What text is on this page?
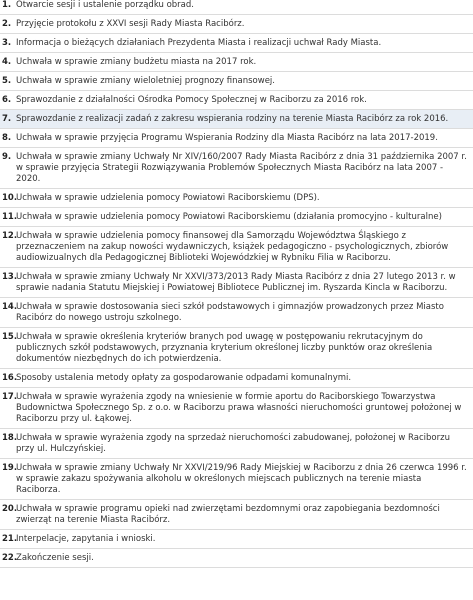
1. Otwarcie sesji i ustalenie porządku obrad.
2. Przyjęcie protokołu z XXVI sesji Rady Miasta Racibórz.
3. Informacja o bieżących działaniach Prezydenta Miasta i realizacji uchwał Rady Miasta.
4. Uchwała w sprawie zmiany budżetu miasta na 2017 rok.
5. Uchwała w sprawie zmiany wieloletniej prognozy finansowej.
6. Sprawozdanie z działalności Ośrodka Pomocy Społecznej w Raciborzu za 2016 rok.
7. Sprawozdanie z realizacji zadań z zakresu wspierania rodziny na terenie Miasta Racibórz za rok 2016.
8. Uchwała w sprawie przyjęcia Programu Wspierania Rodziny dla Miasta Racibórz na lata 2017-2019.
9. Uchwała w sprawie zmiany Uchwały Nr XIV/160/2007 Rady Miasta Racibórz z dnia 31 października 2007 r. w sprawie przyjęcia Strategii Rozwiązywania Problemów Społecznych Miasta Racibórz na lata 2007 - 2020.
10.
Uchwała w sprawie udzielenia pomocy Powiatowi Raciborskiemu (DPS).
11.
Uchwała w sprawie udzielenia pomocy Powiatowi Raciborskiemu (działania promocyjno - kulturalne)
12.
Uchwała w sprawie udzielenia pomocy finansowej dla Samorządu Województwa Śląskiego z przeznaczeniem na zakup nowości wydawniczych, książek pedagogiczno - psychologicznych, zbiorów audiowizualnych dla Pedagogicznej Biblioteki Wojewódzkiej w Rybniku Filia w Raciborzu.
13.
Uchwała w sprawie zmiany Uchwały Nr XXVI/373/2013 Rady Miasta Racibórz z dnia 27 lutego 2013 r. w sprawie nadania Statutu Miejskiej i Powiatowej Bibliotece Publicznej im. Ryszarda Kincla w Raciborzu.
14.
Uchwała w sprawie dostosowania sieci szkół podstawowych i gimnazjów prowadzonych przez Miasto Racibórz do nowego ustroju szkolnego.
15.
Uchwała w sprawie określenia kryteriów branych pod uwagę w postępowaniu rekrutacyjnym do publicznych szkół podstawowych, przyznania kryterium określonej liczby punktów oraz określenia dokumentów niezbędnych do ich potwierdzenia.
16.
Sposoby ustalenia metody opłaty za gospodarowanie odpadami komunalnymi.
17.
Uchwała w sprawie wyrażenia zgody na wniesienie w formie aportu do Raciborskiego Towarzystwa Budownictwa Społecznego Sp. z o.o. w Raciborzu prawa własności nieruchomości gruntowej położonej w Raciborzu przy ul. Łąkowej.
18.
Uchwała w sprawie wyrażenia zgody na sprzedaż nieruchomości zabudowanej, położonej w Raciborzu przy ul. Hulczyńskiej.
19.
Uchwała w sprawie zmiany Uchwały Nr XXVI/219/96 Rady Miejskiej w Raciborzu z dnia 26 czerwca 1996 r. w sprawie zakazu spożywania alkoholu w określonych miejscach publicznych na terenie miasta Raciborza.
20.
Uchwała w sprawie programu opieki nad zwierzętami bezdomnymi oraz zapobiegania bezdomności zwierząt na terenie Miasta Racibórz.
21.
Interpelacje, zapytania i wnioski.
22.
Zakończenie sesji.
